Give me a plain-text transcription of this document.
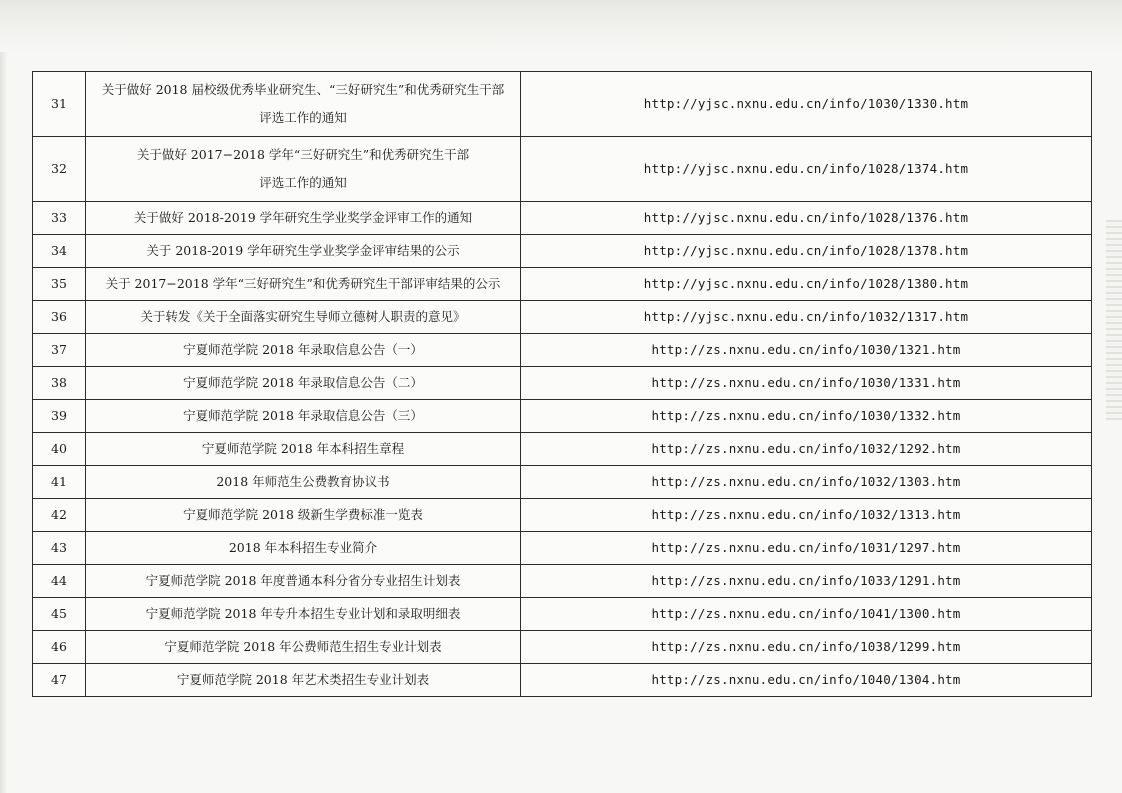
31	关于做好 2018 届校级优秀毕业研究生、“三好研究生”和优秀研究生干部
评选工作的通知	http://yjsc.nxnu.edu.cn/info/1030/1330.htm
32	关于做好 2017−2018 学年“三好研究生”和优秀研究生干部
评选工作的通知	http://yjsc.nxnu.edu.cn/info/1028/1374.htm
33	关于做好 2018-2019 学年研究生学业奖学金评审工作的通知	http://yjsc.nxnu.edu.cn/info/1028/1376.htm
34	关于 2018-2019 学年研究生学业奖学金评审结果的公示	http://yjsc.nxnu.edu.cn/info/1028/1378.htm
35	关于 2017−2018 学年“三好研究生”和优秀研究生干部评审结果的公示	http://yjsc.nxnu.edu.cn/info/1028/1380.htm
36	关于转发《关于全面落实研究生导师立德树人职责的意见》	http://yjsc.nxnu.edu.cn/info/1032/1317.htm
37	宁夏师范学院 2018 年录取信息公告（一）	http://zs.nxnu.edu.cn/info/1030/1321.htm
38	宁夏师范学院 2018 年录取信息公告（二）	http://zs.nxnu.edu.cn/info/1030/1331.htm
39	宁夏师范学院 2018 年录取信息公告（三）	http://zs.nxnu.edu.cn/info/1030/1332.htm
40	宁夏师范学院 2018 年本科招生章程	http://zs.nxnu.edu.cn/info/1032/1292.htm
41	2018 年师范生公费教育协议书	http://zs.nxnu.edu.cn/info/1032/1303.htm
42	宁夏师范学院 2018 级新生学费标准一览表	http://zs.nxnu.edu.cn/info/1032/1313.htm
43	2018 年本科招生专业简介	http://zs.nxnu.edu.cn/info/1031/1297.htm
44	宁夏师范学院 2018 年度普通本科分省分专业招生计划表	http://zs.nxnu.edu.cn/info/1033/1291.htm
45	宁夏师范学院 2018 年专升本招生专业计划和录取明细表	http://zs.nxnu.edu.cn/info/1041/1300.htm
46	宁夏师范学院 2018 年公费师范生招生专业计划表	http://zs.nxnu.edu.cn/info/1038/1299.htm
47	宁夏师范学院 2018 年艺术类招生专业计划表	http://zs.nxnu.edu.cn/info/1040/1304.htm
